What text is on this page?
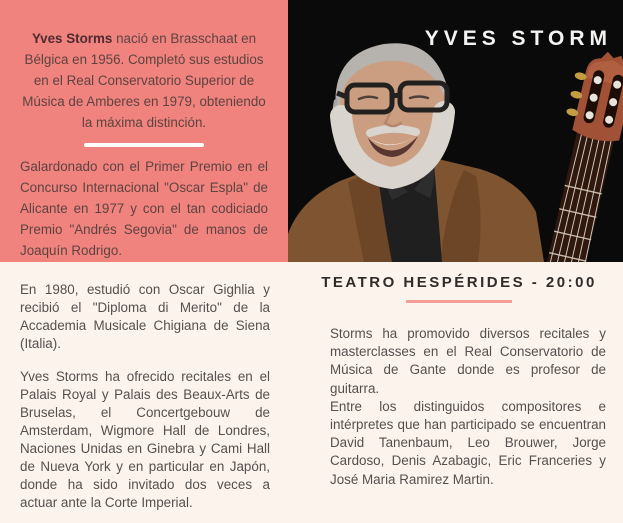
Yves Storms nació en Brasschaat en Bélgica en 1956. Completó sus estudios en el Real Conservatorio Superior de Música de Amberes en 1979, obteniendo la máxima distinción.

Galardonado con el Primer Premio en el Concurso Internacional "Oscar Espla" de Alicante en 1977 y con el tan codiciado Premio "Andrés Segovia" de manos de Joaquín Rodrigo.

YVES STORM

En 1980, estudió con Oscar Gighlia y recibió el "Diploma di Merito" de la Accademia Musicale Chigiana de Siena (Italia).

Yves Storms ha ofrecido recitales en el Palais Royal y Palais des Beaux-Arts de Bruselas, el Concertgebouw de Amsterdam, Wigmore Hall de Londres, Naciones Unidas en Ginebra y Cami Hall de Nueva York y en particular en Japón, donde ha sido invitado dos veces a actuar ante la Corte Imperial.

TEATRO HESPÉRIDES - 20:00

Storms ha promovido diversos recitales y masterclasses en el Real Conservatorio de Música de Gante donde es profesor de guitarra.

Entre los distinguidos compositores e intérpretes que han participado se encuentran David Tanenbaum, Leo Brouwer, Jorge Cardoso, Denis Azabagic, Eric Franceries y José Maria Ramirez Martin.
